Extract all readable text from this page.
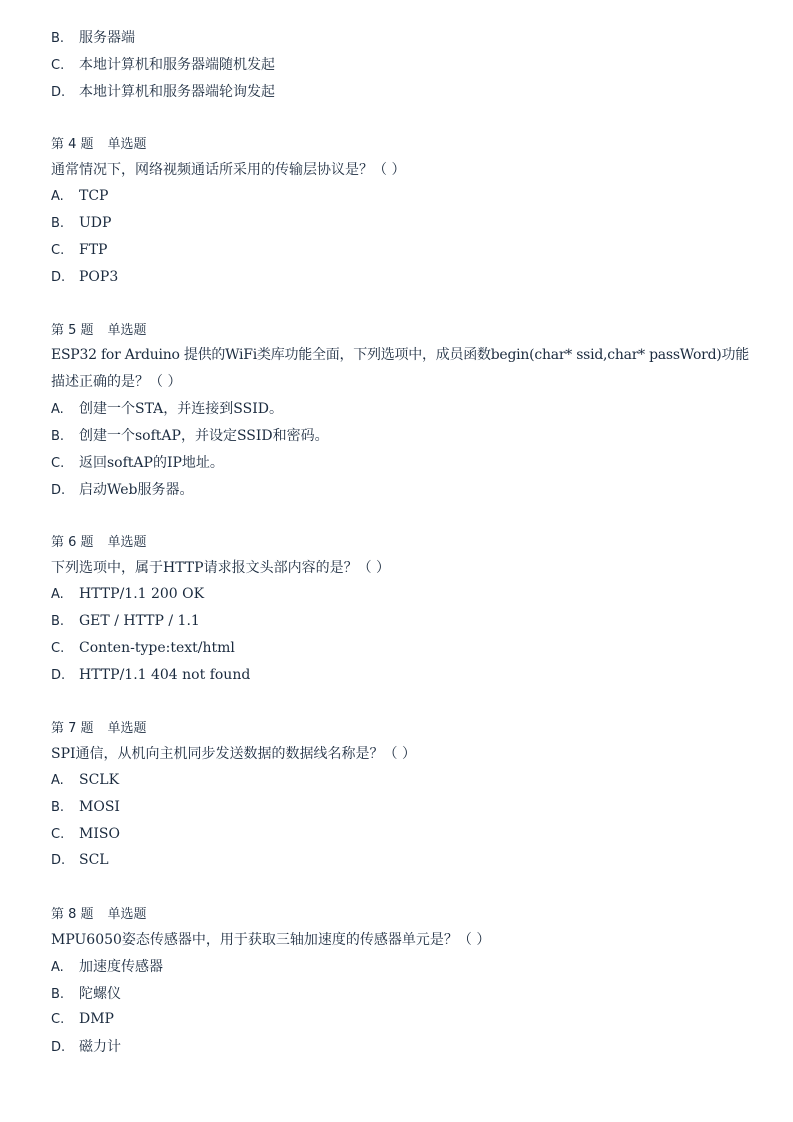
B. 服务器端
C. 本地计算机和服务器端随机发起
D. 本地计算机和服务器端轮询发起
第 4 题 单选题
通常情况下，网络视频通话所采用的传输层协议是？（ ）
A. TCP
B. UDP
C. FTP
D. POP3
第 5 题 单选题
ESP32 for Arduino 提供的WiFi类库功能全面，下列选项中，成员函数begin(char* ssid,char* passWord)功能
描述正确的是？（ ）
A. 创建一个STA，并连接到SSID。
B. 创建一个softAP，并设定SSID和密码。
C. 返回softAP的IP地址。
D. 启动Web服务器。
第 6 题 单选题
下列选项中，属于HTTP请求报文头部内容的是？（ ）
A. HTTP/1.1 200 OK
B. GET / HTTP / 1.1
C. Conten-type:text/html
D. HTTP/1.1 404 not found
第 7 题 单选题
SPI通信，从机向主机同步发送数据的数据线名称是？（ ）
A. SCLK
B. MOSI
C. MISO
D. SCL
第 8 题 单选题
MPU6050姿态传感器中，用于获取三轴加速度的传感器单元是？（ ）
A. 加速度传感器
B. 陀螺仪
C. DMP
D. 磁力计
